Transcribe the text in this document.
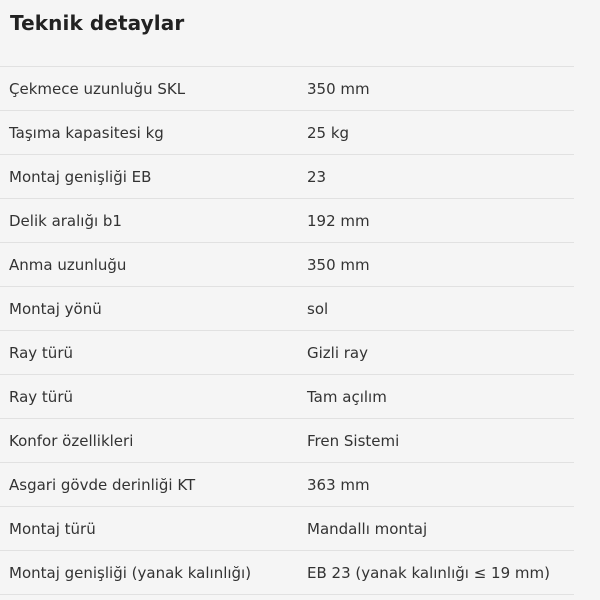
Teknik detaylar
Çekmece uzunluğu SKL	350 mm
Taşıma kapasitesi kg	25 kg
Montaj genişliği EB	23
Delik aralığı b1	192 mm
Anma uzunluğu	350 mm
Montaj yönü	sol
Ray türü	Gizli ray
Ray türü	Tam açılım
Konfor özellikleri	Fren Sistemi
Asgari gövde derinliği KT	363 mm
Montaj türü	Mandallı montaj
Montaj genişliği (yanak kalınlığı)	EB 23 (yanak kalınlığı ≤ 19 mm)
